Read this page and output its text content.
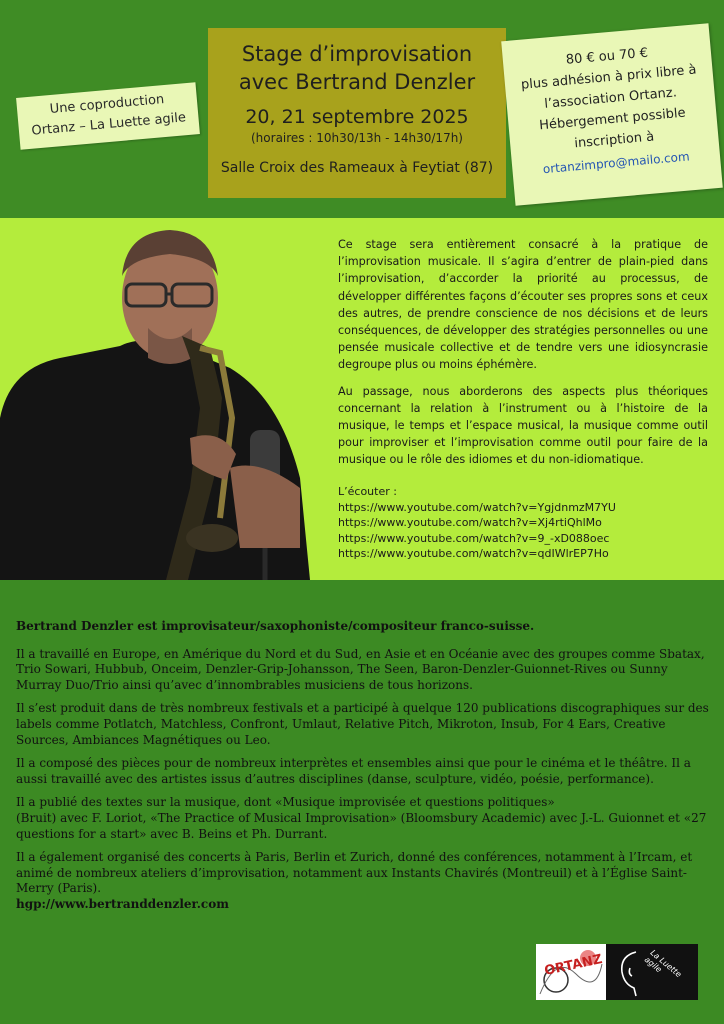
Une coproduction
Ortanz – La Luette agile
Stage d’improvisation
avec Bertrand Denzler
20, 21 septembre 2025
(horaires : 10h30/13h - 14h30/17h)
Salle Croix des Rameaux à Feytiat (87)
80 € ou 70 €
plus adhésion à prix libre à
l’association Ortanz.
Hébergement possible
inscription à
ortanzimpro@mailo.com

Ce stage sera entièrement consacré à la pratique de l’improvisation musicale. Il s’agira d’entrer de plain-pied dans l’improvisation, d’accorder la priorité au processus, de développer différentes façons d’écouter ses propres sons et ceux des autres, de prendre conscience de nos décisions et de leurs conséquences, de développer des stratégies personnelles ou une pensée musicale collective et de tendre vers une idiosyncrasie degroupe plus ou moins éphémère.

Au passage, nous aborderons des aspects plus théoriques concernant la relation à l’instrument ou à l’histoire de la musique, le temps et l’espace musical, la musique comme outil pour improviser et l’improvisation comme outil pour faire de la musique ou le rôle des idiomes et du non-idiomatique.

L’écouter :
https://www.youtube.com/watch?v=YgjdnmzM7YU
https://www.youtube.com/watch?v=Xj4rtiQhlMo
https://www.youtube.com/watch?v=9_-xD088oec
https://www.youtube.com/watch?v=qdIWlrEP7Ho

Bertrand Denzler est improvisateur/saxophoniste/compositeur franco-suisse.

Il a travaillé en Europe, en Amérique du Nord et du Sud, en Asie et en Océanie avec des groupes comme Sbatax, Trio Sowari, Hubbub, Onceim, Denzler-Grip-Johansson, The Seen, Baron-Denzler-Guionnet-Rives ou Sunny Murray Duo/Trio ainsi qu’avec d’innombrables musiciens de tous horizons.

Il s’est produit dans de très nombreux festivals et a participé à quelque 120 publications discographiques sur des labels comme Potlatch, Matchless, Confront, Umlaut, Relative Pitch, Mikroton, Insub, For 4 Ears, Creative Sources, Ambiances Magnétiques ou Leo.

Il a composé des pièces pour de nombreux interprètes et ensembles ainsi que pour le cinéma et le théâtre. Il a aussi travaillé avec des artistes issus d’autres disciplines (danse, sculpture, vidéo, poésie, performance).

Il a publié des textes sur la musique, dont «Musique improvisée et questions politiques»
(Bruit) avec F. Loriot, «The Practice of Musical Improvisation» (Bloomsbury Academic) avec J.-L. Guionnet et «27 questions for a start» avec B. Beins et Ph. Durrant.

Il a également organisé des concerts à Paris, Berlin et Zurich, donné des conférences, notamment à l’Ircam, et animé de nombreux ateliers d’improvisation, notamment aux Instants Chavirés (Montreuil) et à l’Église Saint-Merry (Paris).
hgp://www.bertranddenzler.com

ORTANZ	La Luette agile
